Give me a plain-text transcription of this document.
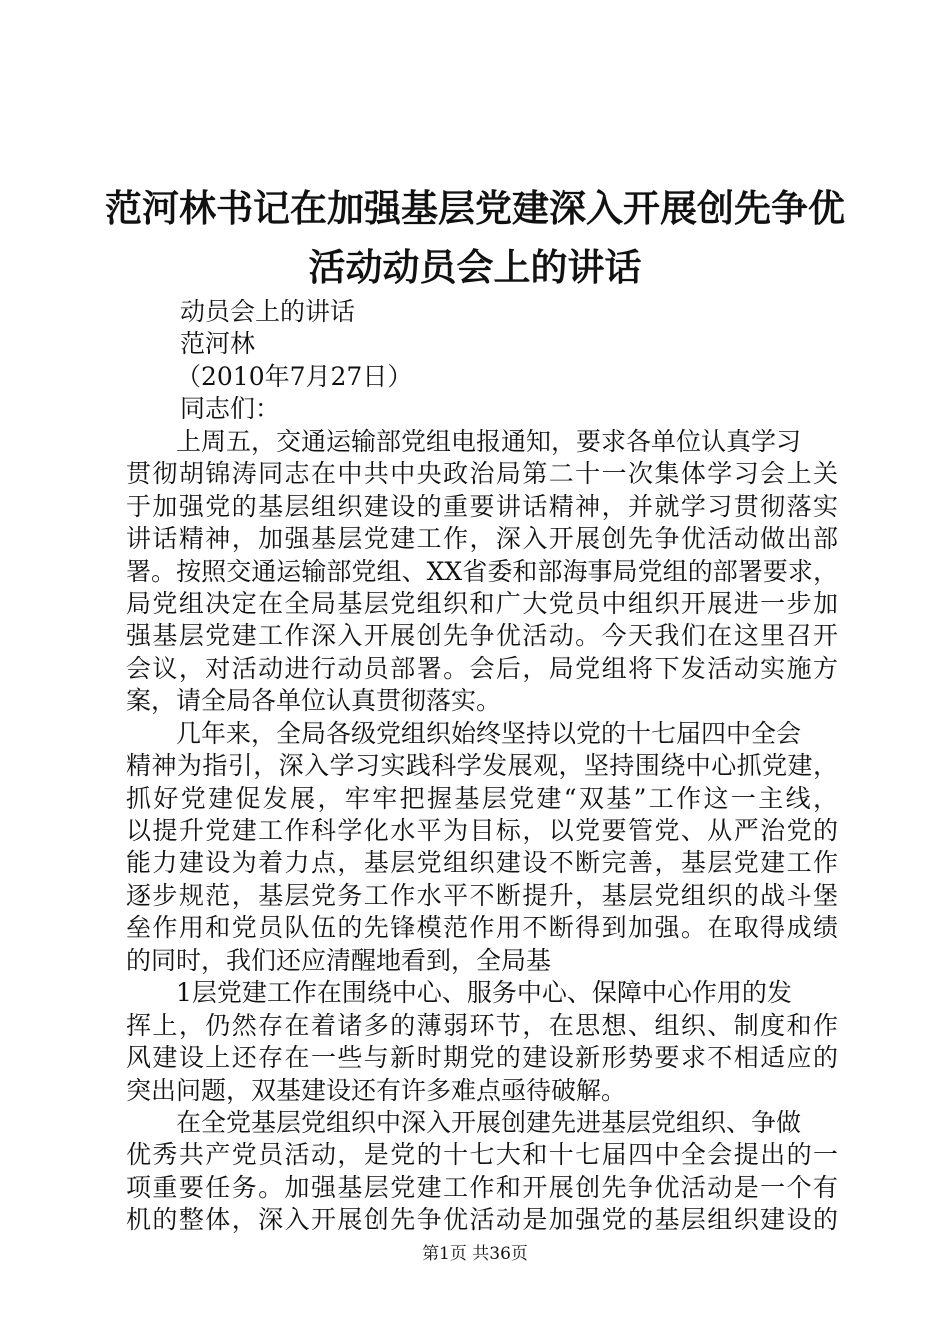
范河林书记在加强基层党建深入开展创先争优
活动动员会上的讲话
动员会上的讲话
范河林
（2010年7月27日）
同志们：
上周五，交通运输部党组电报通知，要求各单位认真学习
贯彻胡锦涛同志在中共中央政治局第二十一次集体学习会上关
于加强党的基层组织建设的重要讲话精神，并就学习贯彻落实
讲话精神，加强基层党建工作，深入开展创先争优活动做出部
署。按照交通运输部党组、XX省委和部海事局党组的部署要求，
局党组决定在全局基层党组织和广大党员中组织开展进一步加
强基层党建工作深入开展创先争优活动。今天我们在这里召开
会议，对活动进行动员部署。会后，局党组将下发活动实施方
案，请全局各单位认真贯彻落实。
几年来，全局各级党组织始终坚持以党的十七届四中全会
精神为指引，深入学习实践科学发展观，坚持围绕中心抓党建，
抓好党建促发展，牢牢把握基层党建“双基”工作这一主线，
以提升党建工作科学化水平为目标，以党要管党、从严治党的
能力建设为着力点，基层党组织建设不断完善，基层党建工作
逐步规范，基层党务工作水平不断提升，基层党组织的战斗堡
垒作用和党员队伍的先锋模范作用不断得到加强。在取得成绩
的同时，我们还应清醒地看到，全局基
1层党建工作在围绕中心、服务中心、保障中心作用的发
挥上，仍然存在着诸多的薄弱环节，在思想、组织、制度和作
风建设上还存在一些与新时期党的建设新形势要求不相适应的
突出问题，双基建设还有许多难点亟待破解。
在全党基层党组织中深入开展创建先进基层党组织、争做
优秀共产党员活动，是党的十七大和十七届四中全会提出的一
项重要任务。加强基层党建工作和开展创先争优活动是一个有
机的整体，深入开展创先争优活动是加强党的基层组织建设的
第1页 共36页
